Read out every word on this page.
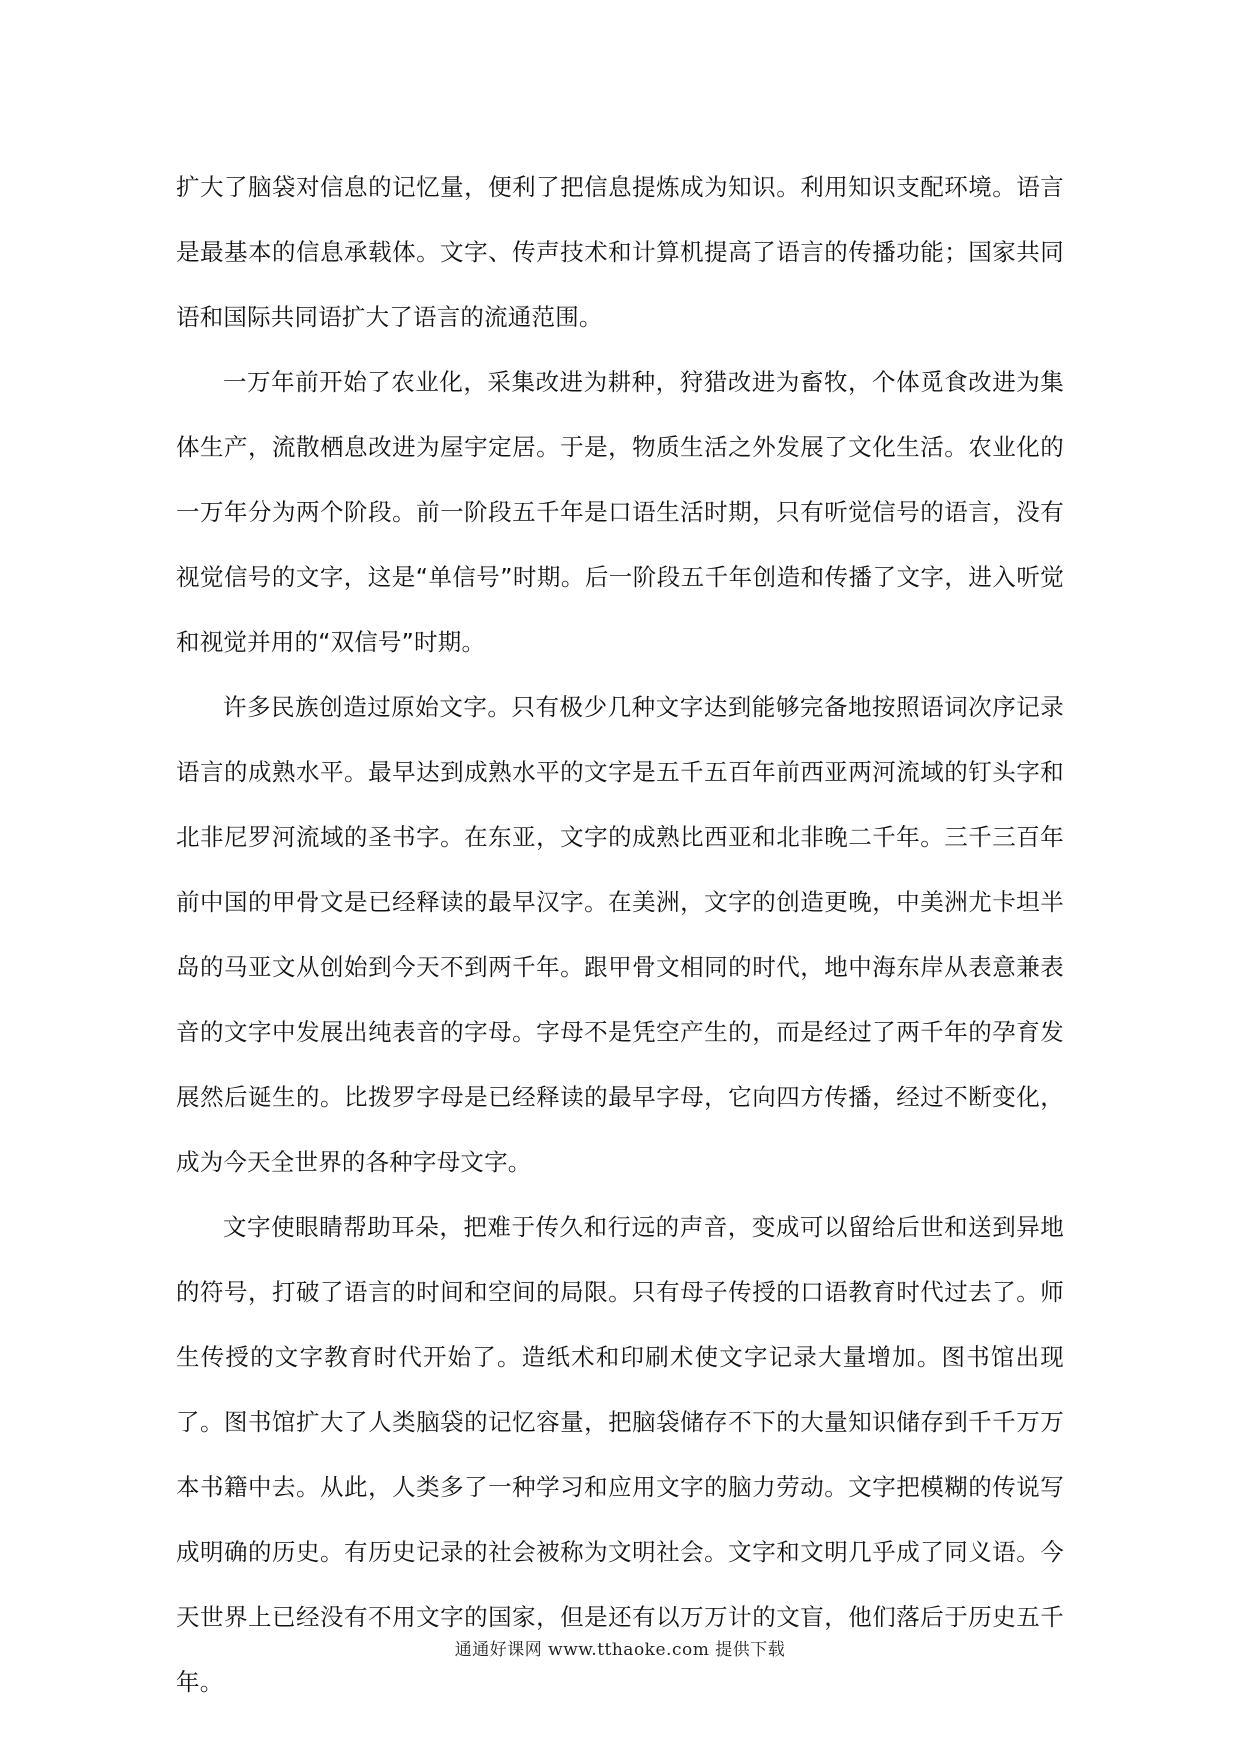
扩大了脑袋对信息的记忆量，便利了把信息提炼成为知识。利用知识支配环境。语言是最基本的信息承载体。文字、传声技术和计算机提高了语言的传播功能；国家共同语和国际共同语扩大了语言的流通范围。

一万年前开始了农业化，采集改进为耕种，狩猎改进为畜牧，个体觅食改进为集体生产，流散栖息改进为屋宇定居。于是，物质生活之外发展了文化生活。农业化的一万年分为两个阶段。前一阶段五千年是口语生活时期，只有听觉信号的语言，没有视觉信号的文字，这是“单信号”时期。后一阶段五千年创造和传播了文字，进入听觉和视觉并用的“双信号”时期。

许多民族创造过原始文字。只有极少几种文字达到能够完备地按照语词次序记录语言的成熟水平。最早达到成熟水平的文字是五千五百年前西亚两河流域的钉头字和北非尼罗河流域的圣书字。在东亚，文字的成熟比西亚和北非晚二千年。三千三百年前中国的甲骨文是已经释读的最早汉字。在美洲，文字的创造更晚，中美洲尤卡坦半岛的马亚文从创始到今天不到两千年。跟甲骨文相同的时代，地中海东岸从表意兼表音的文字中发展出纯表音的字母。字母不是凭空产生的，而是经过了两千年的孕育发展然后诞生的。比拨罗字母是已经释读的最早字母，它向四方传播，经过不断变化，成为今天全世界的各种字母文字。

文字使眼睛帮助耳朵，把难于传久和行远的声音，变成可以留给后世和送到异地的符号，打破了语言的时间和空间的局限。只有母子传授的口语教育时代过去了。师生传授的文字教育时代开始了。造纸术和印刷术使文字记录大量增加。图书馆出现了。图书馆扩大了人类脑袋的记忆容量，把脑袋储存不下的大量知识储存到千千万万本书籍中去。从此，人类多了一种学习和应用文字的脑力劳动。文字把模糊的传说写成明确的历史。有历史记录的社会被称为文明社会。文字和文明几乎成了同义语。今天世界上已经没有不用文字的国家，但是还有以万万计的文盲，他们落后于历史五千年。

通通好课网 www.tthaoke.com 提供下载
